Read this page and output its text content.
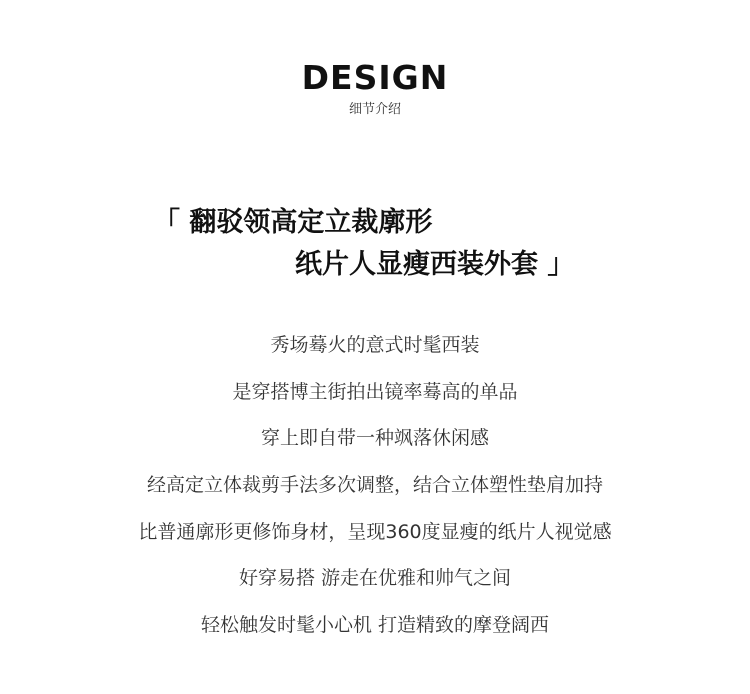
DESIGN
细节介绍
「 翻驳领高定立裁廓形
纸片人显瘦西装外套 」
秀场蓦火的意式时髦西装
是穿搭博主街拍出镜率蓦高的单品
穿上即自带一种飒落休闲感
经高定立体裁剪手法多次调整，结合立体塑性垫肩加持
比普通廓形更修饰身材，呈现360度显瘦的纸片人视觉感
好穿易搭 游走在优雅和帅气之间
轻松触发时髦小心机 打造精致的摩登阔西
